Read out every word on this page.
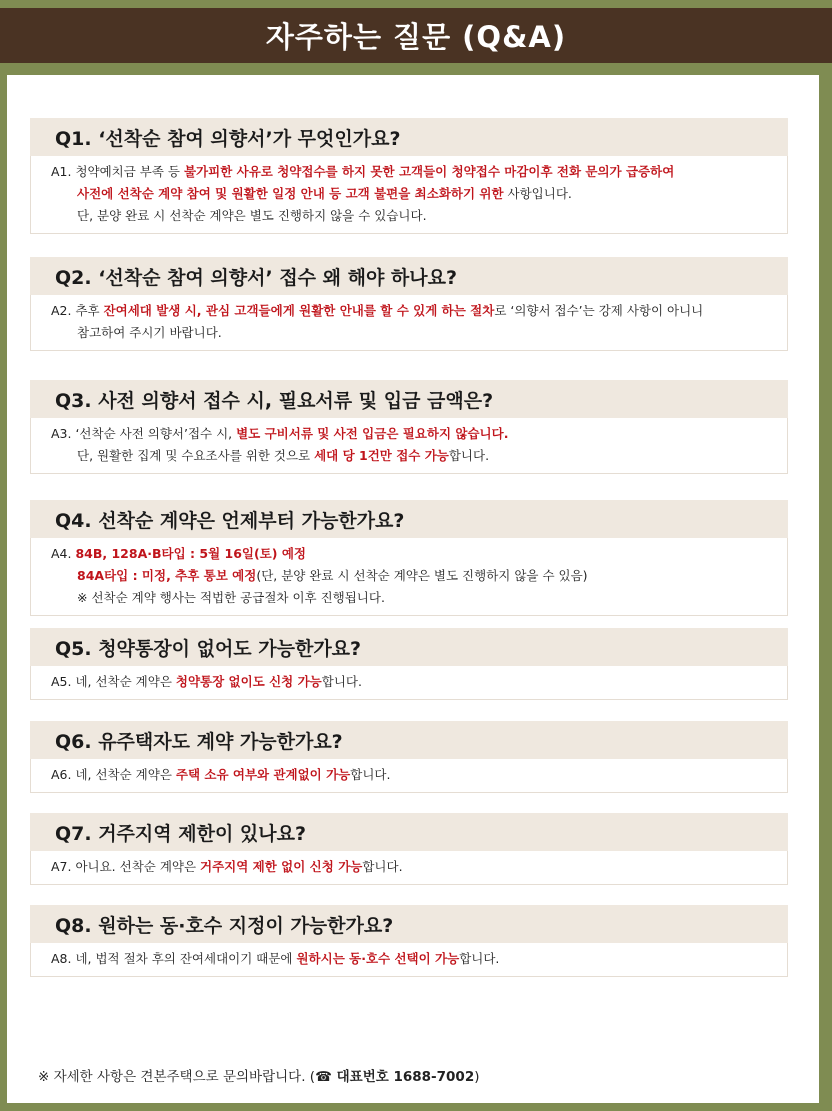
자주하는 질문 (Q&A)
Q1. ‘선착순 참여 의향서’가 무엇인가요?
A1. 청약예치금 부족 등 불가피한 사유로 청약접수를 하지 못한 고객들이 청약접수 마감이후 전화 문의가 급증하여
사전에 선착순 계약 참여 및 원활한 일정 안내 등 고객 불편을 최소화하기 위한 사항입니다.
단, 분양 완료 시 선착순 계약은 별도 진행하지 않을 수 있습니다.
Q2. ‘선착순 참여 의향서’ 접수 왜 해야 하나요?
A2. 추후 잔여세대 발생 시, 관심 고객들에게 원활한 안내를 할 수 있게 하는 절차로 ‘의향서 접수’는 강제 사항이 아니니
참고하여 주시기 바랍니다.
Q3. 사전 의향서 접수 시, 필요서류 및 입금 금액은?
A3. ‘선착순 사전 의향서’접수 시, 별도 구비서류 및 사전 입금은 필요하지 않습니다.
단, 원활한 집계 및 수요조사를 위한 것으로 세대 당 1건만 접수 가능합니다.
Q4. 선착순 계약은 언제부터 가능한가요?
A4. 84B, 128A·B타입 : 5월 16일(토) 예정
84A타입 : 미정, 추후 통보 예정(단, 분양 완료 시 선착순 계약은 별도 진행하지 않을 수 있음)
※ 선착순 계약 행사는 적법한 공급절차 이후 진행됩니다.
Q5. 청약통장이 없어도 가능한가요?
A5. 네, 선착순 계약은 청약통장 없이도 신청 가능합니다.
Q6. 유주택자도 계약 가능한가요?
A6. 네, 선착순 계약은 주택 소유 여부와 관계없이 가능합니다.
Q7. 거주지역 제한이 있나요?
A7. 아니요. 선착순 계약은 거주지역 제한 없이 신청 가능합니다.
Q8. 원하는 동·호수 지정이 가능한가요?
A8. 네, 법적 절차 후의 잔여세대이기 때문에 원하시는 동·호수 선택이 가능합니다.
※ 자세한 사항은 견본주택으로 문의바랍니다. (☎ 대표번호 1688-7002)
